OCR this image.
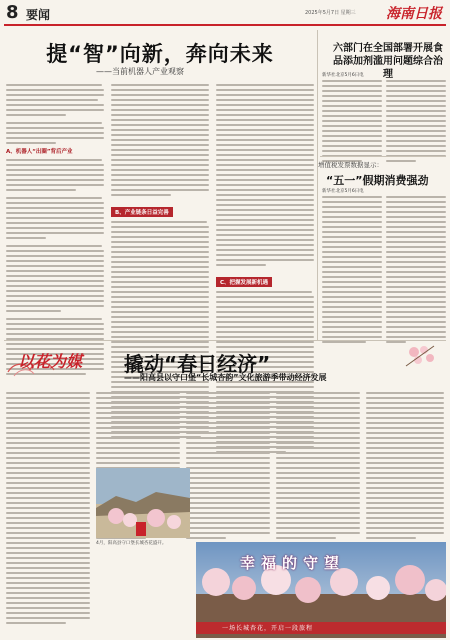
8 要闻	2025年5月7日 星期三 海南日报
提“智”向新，奔向未来
——当前机器人产业观察
A、机器人“出圈”背后产业
B、产业链条日益完善
C、把握发展新机遇
六部门在全国部署开展食品添加剂滥用问题综合治理
新华社北京5月6日电
增值税发票数据显示：
“五一”假期消费强劲
新华社北京5月6日电
以花为媒 撬动“春日经济”
——阳高县以守口堡“长城杏韵”文化旅游季带动经济发展
4月，阳高县守口堡长城杏花盛开。
幸福的守望
一场长城杏花，开启一段旅程
